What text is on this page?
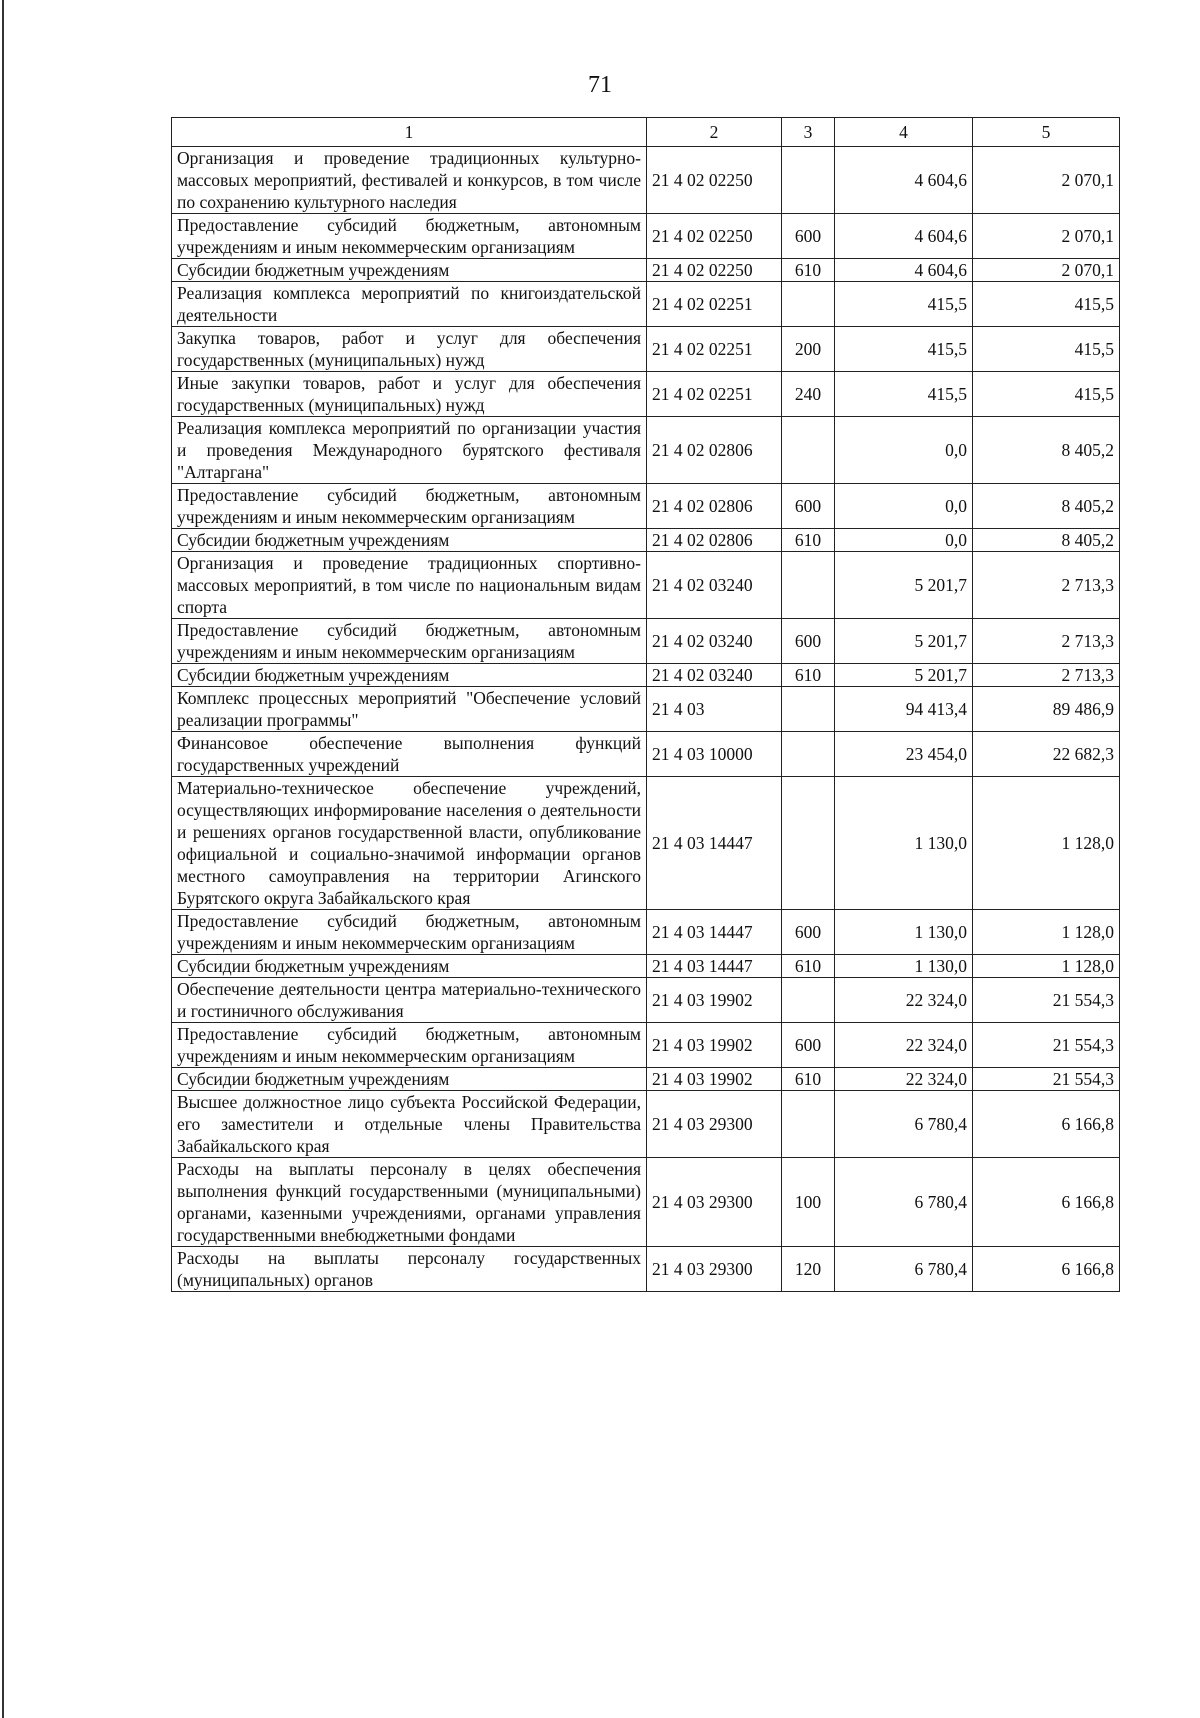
71
1	2	3	4	5
Организация и проведение традиционных культурно-массовых мероприятий, фестивалей и конкурсов, в том числе по сохранению культурного наследия	21 4 02 02250		4 604,6	2 070,1
Предоставление субсидий бюджетным, автономным учреждениям и иным некоммерческим организациям	21 4 02 02250	600	4 604,6	2 070,1
Субсидии бюджетным учреждениям	21 4 02 02250	610	4 604,6	2 070,1
Реализация комплекса мероприятий по книгоиздательской деятельности	21 4 02 02251		415,5	415,5
Закупка товаров, работ и услуг для обеспечения государственных (муниципальных) нужд	21 4 02 02251	200	415,5	415,5
Иные закупки товаров, работ и услуг для обеспечения государственных (муниципальных) нужд	21 4 02 02251	240	415,5	415,5
Реализация комплекса мероприятий по организации участия и проведения Международного бурятского фестиваля "Алтаргана"	21 4 02 02806		0,0	8 405,2
Предоставление субсидий бюджетным, автономным учреждениям и иным некоммерческим организациям	21 4 02 02806	600	0,0	8 405,2
Субсидии бюджетным учреждениям	21 4 02 02806	610	0,0	8 405,2
Организация и проведение традиционных спортивно-массовых мероприятий, в том числе по национальным видам спорта	21 4 02 03240		5 201,7	2 713,3
Предоставление субсидий бюджетным, автономным учреждениям и иным некоммерческим организациям	21 4 02 03240	600	5 201,7	2 713,3
Субсидии бюджетным учреждениям	21 4 02 03240	610	5 201,7	2 713,3
Комплекс процессных мероприятий "Обеспечение условий реализации программы"	21 4 03		94 413,4	89 486,9
Финансовое обеспечение выполнения функций государственных учреждений	21 4 03 10000		23 454,0	22 682,3
Материально-техническое обеспечение учреждений, осуществляющих информирование населения о деятельности и решениях органов государственной власти, опубликование официальной и социально-значимой информации органов местного самоуправления на территории Агинского Бурятского округа Забайкальского края	21 4 03 14447		1 130,0	1 128,0
Предоставление субсидий бюджетным, автономным учреждениям и иным некоммерческим организациям	21 4 03 14447	600	1 130,0	1 128,0
Субсидии бюджетным учреждениям	21 4 03 14447	610	1 130,0	1 128,0
Обеспечение деятельности центра материально-технического и гостиничного обслуживания	21 4 03 19902		22 324,0	21 554,3
Предоставление субсидий бюджетным, автономным учреждениям и иным некоммерческим организациям	21 4 03 19902	600	22 324,0	21 554,3
Субсидии бюджетным учреждениям	21 4 03 19902	610	22 324,0	21 554,3
Высшее должностное лицо субъекта Российской Федерации, его заместители и отдельные члены Правительства Забайкальского края	21 4 03 29300		6 780,4	6 166,8
Расходы на выплаты персоналу в целях обеспечения выполнения функций государственными (муниципальными) органами, казенными учреждениями, органами управления государственными внебюджетными фондами	21 4 03 29300	100	6 780,4	6 166,8
Расходы на выплаты персоналу государственных (муниципальных) органов	21 4 03 29300	120	6 780,4	6 166,8
